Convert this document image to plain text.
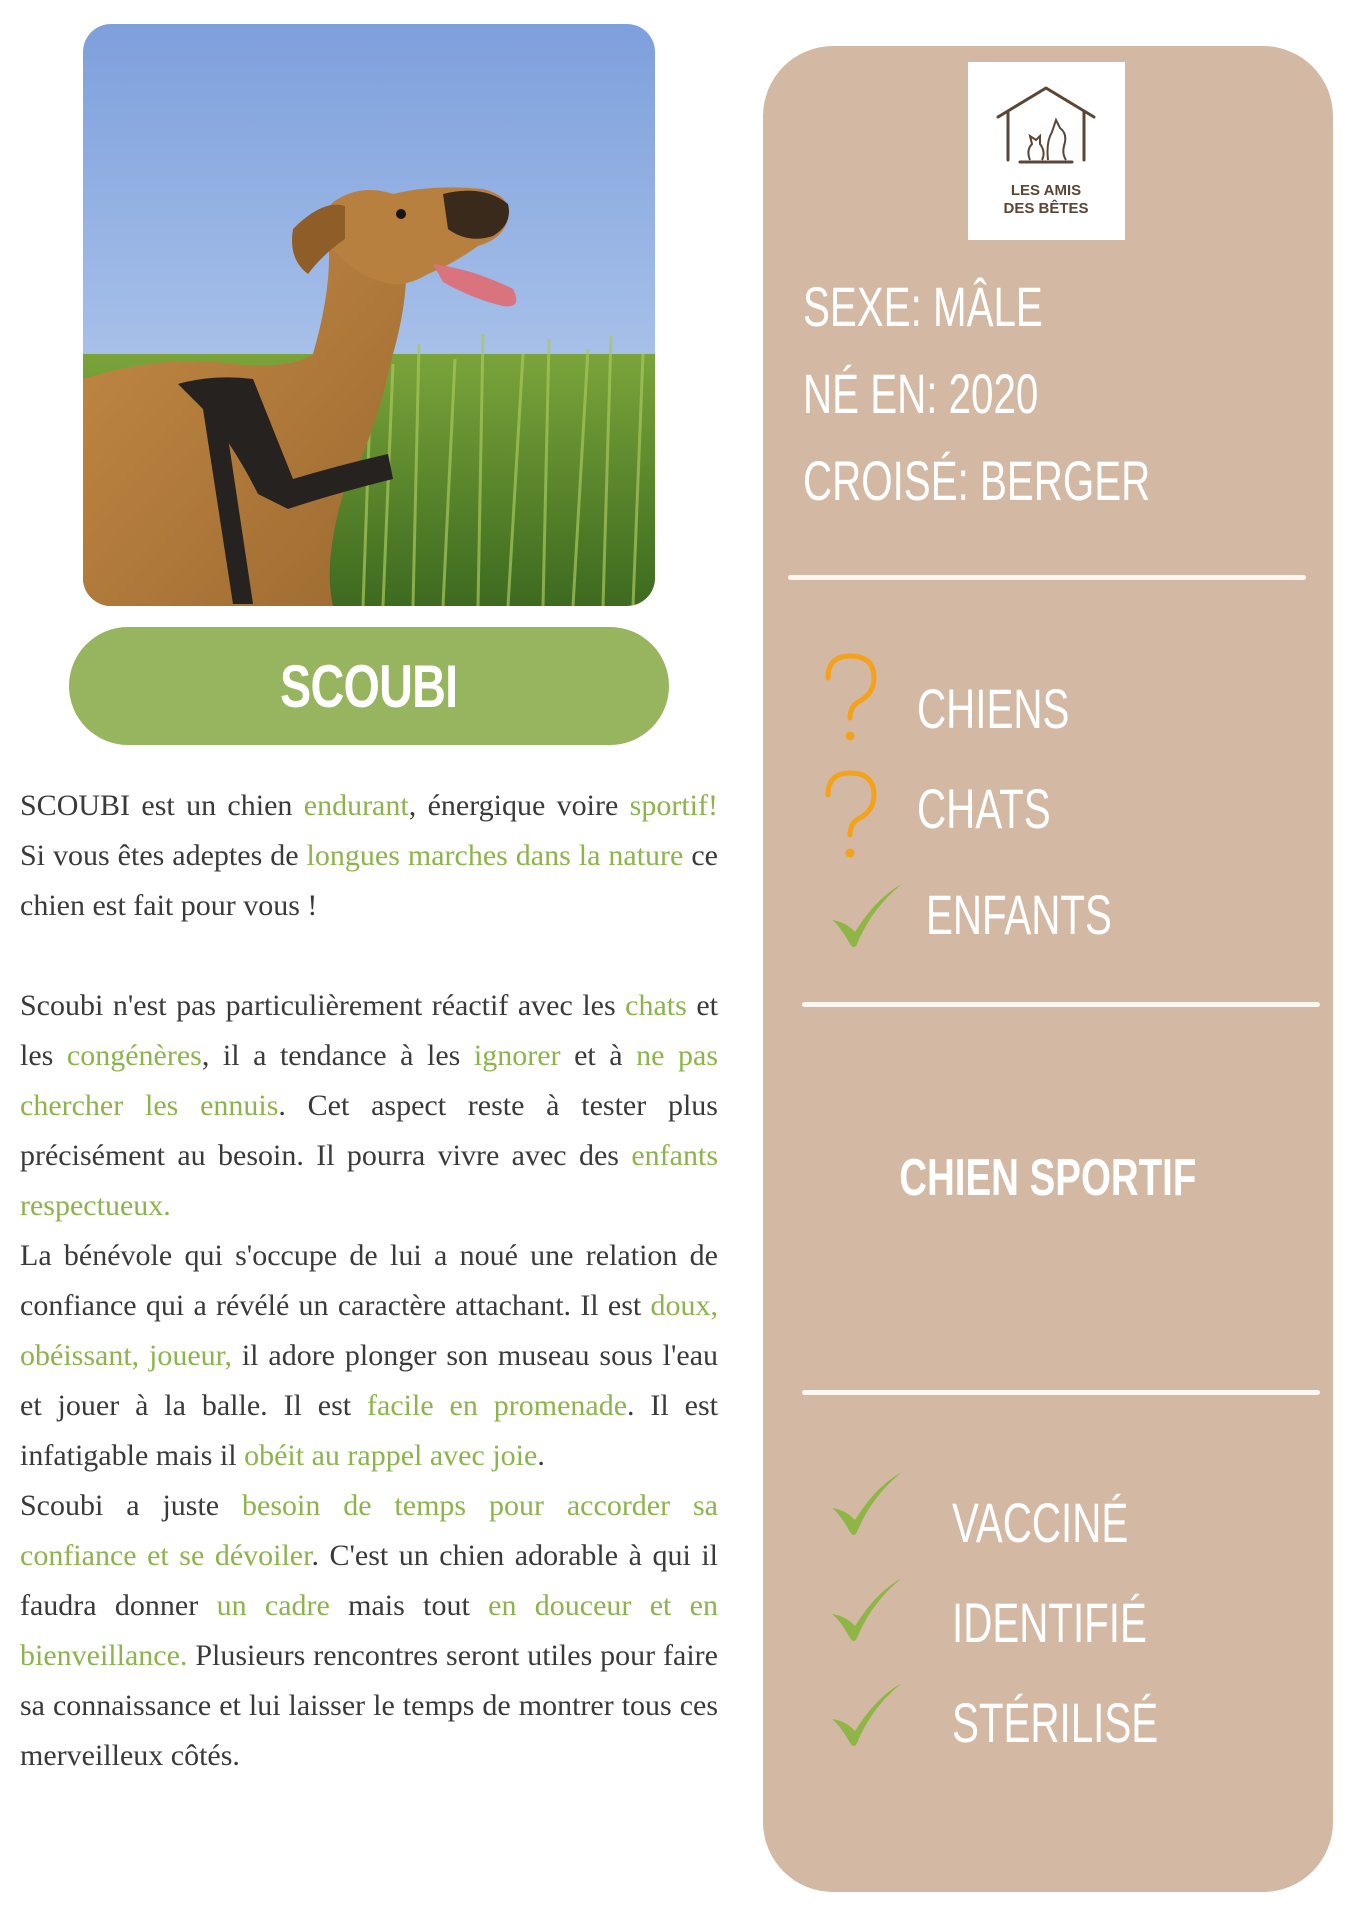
SCOUBI

SCOUBI est un chien endurant, énergique voire sportif! Si vous êtes adeptes de longues marches dans la nature ce chien est fait pour vous !

Scoubi n'est pas particulièrement réactif avec les chats et les congénères, il a tendance à les ignorer et à ne pas chercher les ennuis. Cet aspect reste à tester plus précisément au besoin. Il pourra vivre avec des enfants respectueux.

La bénévole qui s'occupe de lui a noué une relation de confiance qui a révélé un caractère attachant. Il est doux, obéissant, joueur, il adore plonger son museau sous l'eau et jouer à la balle. Il est facile en promenade. Il est infatigable mais il obéit au rappel avec joie.

Scoubi a juste besoin de temps pour accorder sa confiance et se dévoiler. C'est un chien adorable à qui il faudra donner un cadre mais tout en douceur et en bienveillance. Plusieurs rencontres seront utiles pour faire sa connaissance et lui laisser le temps de montrer tous ces merveilleux côtés.

LES AMIS
DES BÊTES
SEXE: MÂLE
NÉ EN: 2020
CROISÉ: BERGER
CHIENS
CHATS
ENFANTS
CHIEN SPORTIF
VACCINÉ
IDENTIFIÉ
STÉRILISÉ
